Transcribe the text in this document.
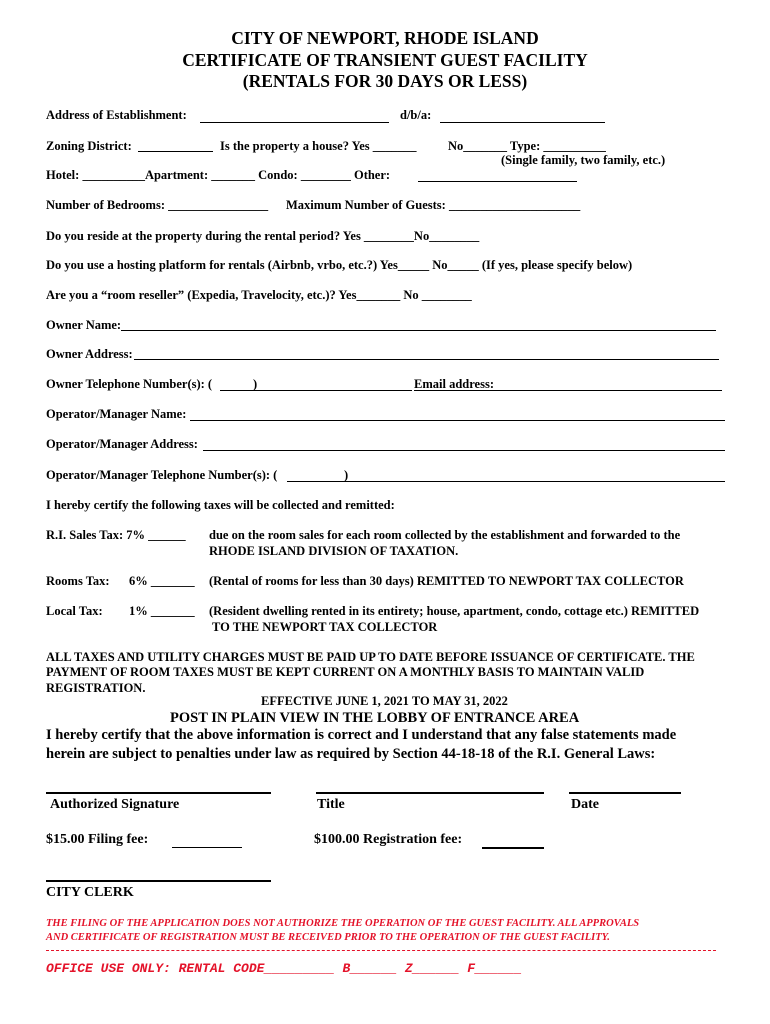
CITY OF NEWPORT, RHODE ISLAND
CERTIFICATE OF TRANSIENT GUEST FACILITY
(RENTALS FOR 30 DAYS OR LESS)
Address of Establishment:	d/b/a:
Zoning District:	Is the property a house? Yes _______	No_______ Type: __________
(Single family, two family, etc.)
Hotel: __________Apartment: _______ Condo: ________ Other:
Number of Bedrooms: ________________ Maximum Number of Guests: _____________________
Do you reside at the property during the rental period? Yes ________No________
Do you use a hosting platform for rentals (Airbnb, vrbo, etc.?) Yes_____ No_____ (If yes, please specify below)
Are you a “room reseller” (Expedia, Travelocity, etc.)? Yes_______ No ________
Owner Name:
Owner Address:
Owner Telephone Number(s): (	)	Email address:
Operator/Manager Name:
Operator/Manager Address:
Operator/Manager Telephone Number(s): (	)
I hereby certify the following taxes will be collected and remitted:
R.I. Sales Tax: 7% ______ due on the room sales for each room collected by the establishment and forwarded to the
RHODE ISLAND DIVISION OF TAXATION.
Rooms Tax: 6% _______ (Rental of rooms for less than 30 days) REMITTED TO NEWPORT TAX COLLECTOR
Local Tax: 1% _______ (Resident dwelling rented in its entirety; house, apartment, condo, cottage etc.) REMITTED
TO THE NEWPORT TAX COLLECTOR
ALL TAXES AND UTILITY CHARGES MUST BE PAID UP TO DATE BEFORE ISSUANCE OF CERTIFICATE. THE
PAYMENT OF ROOM TAXES MUST BE KEPT CURRENT ON A MONTHLY BASIS TO MAINTAIN VALID
REGISTRATION.
EFFECTIVE JUNE 1, 2021 TO MAY 31, 2022
POST IN PLAIN VIEW IN THE LOBBY OF ENTRANCE AREA
I hereby certify that the above information is correct and I understand that any false statements made
herein are subject to penalties under law as required by Section 44-18-18 of the R.I. General Laws:
Authorized Signature	Title	Date
$15.00 Filing fee:	$100.00 Registration fee:
CITY CLERK
THE FILING OF THE APPLICATION DOES NOT AUTHORIZE THE OPERATION OF THE GUEST FACILITY. ALL APPROVALS
AND CERTIFICATE OF REGISTRATION MUST BE RECEIVED PRIOR TO THE OPERATION OF THE GUEST FACILITY.
OFFICE USE ONLY: RENTAL CODE_________ B______ Z______ F______
